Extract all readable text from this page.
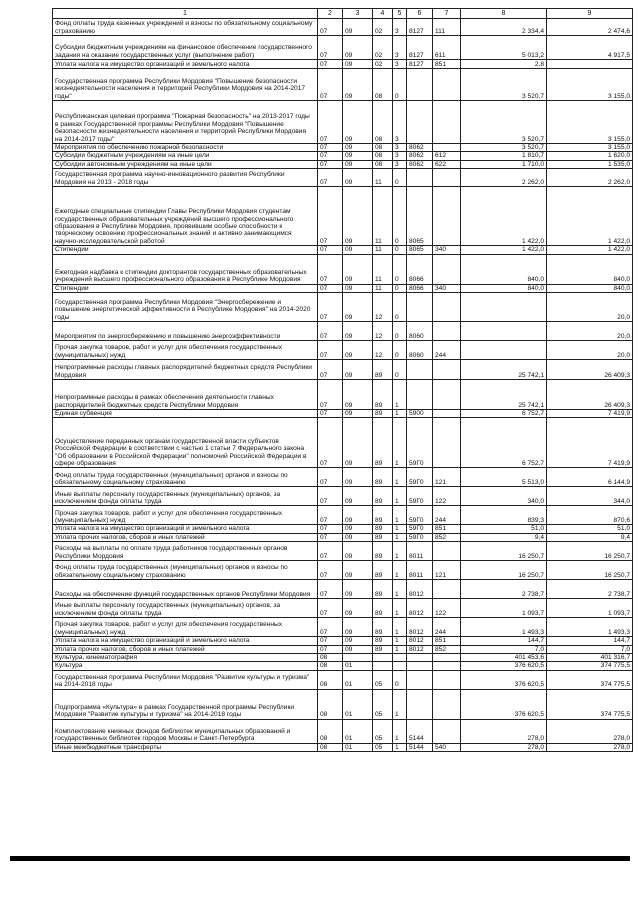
1	2	3	4	5	6	7	8	9
Фонд оплаты труда казенных учреждений и взносы по обязательному социальному страхованию	07	09	02	3	8127	111	2 334,4	2 474,6
Субсидии бюджетным учреждениям на финансовое обеспечение государственного задания на оказание государственных услуг (выполнение работ)	07	09	02	3	8127	611	5 013,2	4 917,5
Уплата налога на имущество организаций и земельного налога	07	09	02	3	8127	851	2,8	
Государственная программа Республики Мордовия "Повышение безопасности жизнедеятельности населения и территорий Республики Мордовия на 2014-2017 годы"	07	09	08	0			3 520,7	3 155,0
Республиканская целевая программа "Пожарная безопасность" на 2013-2017 годы в рамках Государственной программы Республики Мордовия "Повышение безопасности жизнедеятельности населения и территорий Республики Мордовия на 2014-2017 годы"	07	09	08	3			3 520,7	3 155,0
Мероприятия по обеспечению пожарной безопасности	07	09	08	3	8062		3 520,7	3 155,0
Субсидии бюджетным учреждениям на иные цели	07	09	08	3	8062	612	1 810,7	1 620,0
Субсидии автономным учреждениям на иные цели	07	09	08	3	8062	622	1 710,0	1 535,0
Государственная программа научно-инновационного развития Республики Мордовия на 2013 - 2018 годы	07	09	11	0			2 262,0	2 262,0
Ежегодные специальные стипендии Главы Республики Мордовия студентам государственных образовательных учреждений высшего профессионального образования в Республике Мордовия, проявившим особые способности к творческому освоению профессиональных знаний и активно занимающимся научно-исследовательской работой	07	09	11	0	8065		1 422,0	1 422,0
Стипендии	07	09	11	0	8065	340	1 422,0	1 422,0
Ежегодная надбавка к стипендии докторантов государственных образовательных учреждений высшего профессионального образования в Республике Мордовия	07	09	11	0	8066		840,0	840,0
Стипендии	07	09	11	0	8066	340	840,0	840,0
Государственная программа Республики Мордовия "Энергосбережение и повышение энергетической эффективности в Республике Мордовия" на 2014-2020 годы	07	09	12	0				20,0
Мероприятия по энергосбережению и повышению энергоэффективности	07	09	12	0	8060			20,0
Прочая закупка товаров, работ и услуг для обеспечения государственных (муниципальных) нужд	07	09	12	0	8060	244		20,0
Непрограммные расходы главных распорядителей бюджетных средств Республики Мордовия	07	09	89	0			25 742,1	26 409,3
Непрограммные расходы в рамках обеспечения деятельности главных распорядителей бюджетных средств Республики Мордовия	07	09	89	1			25 742,1	26 409,3
Единая субвенция	07	09	89	1	5900		6 752,7	7 419,9
Осуществление переданных органам государственной власти субъектов Российской Федерации в соответствии с частью 1 статьи 7 Федерального закона "Об образовании в Российской Федерации" полномочий Российской Федерации в сфере образования	07	09	89	1	59Г0		6 752,7	7 419,9
Фонд оплаты труда государственных (муниципальных) органов и взносы по обязательному социальному страхованию	07	09	89	1	59Г0	121	5 513,0	6 144,9
Иные выплаты персоналу государственных (муниципальных) органов, за исключением фонда оплаты труда	07	09	89	1	59Г0	122	340,0	344,0
Прочая закупка товаров, работ и услуг для обеспечения государственных (муниципальных) нужд	07	09	89	1	59Г0	244	839,3	870,6
Уплата налога на имущество организаций и земельного налога	07	09	89	1	59Г0	851	51,0	51,0
Уплата прочих налогов, сборов и иных платежей	07	09	89	1	59Г0	852	9,4	9,4
Расходы на выплаты по оплате труда работников государственных органов Республики Мордовия	07	09	89	1	8011		16 250,7	16 250,7
Фонд оплаты труда государственных (муниципальных) органов и взносы по обязательному социальному страхованию	07	09	89	1	8011	121	16 250,7	16 250,7
Расходы на обеспечение функций государственных органов Республики Мордовия	07	09	89	1	8012		2 738,7	2 738,7
Иные выплаты персоналу государственных (муниципальных) органов, за исключением фонда оплаты труда	07	09	89	1	8012	122	1 093,7	1 093,7
Прочая закупка товаров, работ и услуг для обеспечения государственных (муниципальных) нужд	07	09	89	1	8012	244	1 493,3	1 493,3
Уплата налога на имущество организаций и земельного налога	07	09	89	1	8012	851	144,7	144,7
Уплата прочих налогов, сборов и иных платежей	07	09	89	1	8012	852	7,0	7,0
Культура, кинематография	08						401 453,6	401 316,7
Культура	08	01					376 620,5	374 775,5
Государственная программа Республики Мордовия "Развитие культуры и туризма" на 2014-2018 годы	08	01	05	0			376 620,5	374 775,5
Подпрограмма «Культура» в рамках Государственной программы Республики Мордовия "Развитие культуры и туризма" на 2014-2018 годы	08	01	05	1			376 620,5	374 775,5
Комплектование книжных фондов библиотек муниципальных образований и государственных библиотек городов Москвы и Санкт-Петербурга	08	01	05	1	5144		278,0	278,0
Иные межбюджетные трансферты	08	01	05	1	5144	540	278,0	278,0
